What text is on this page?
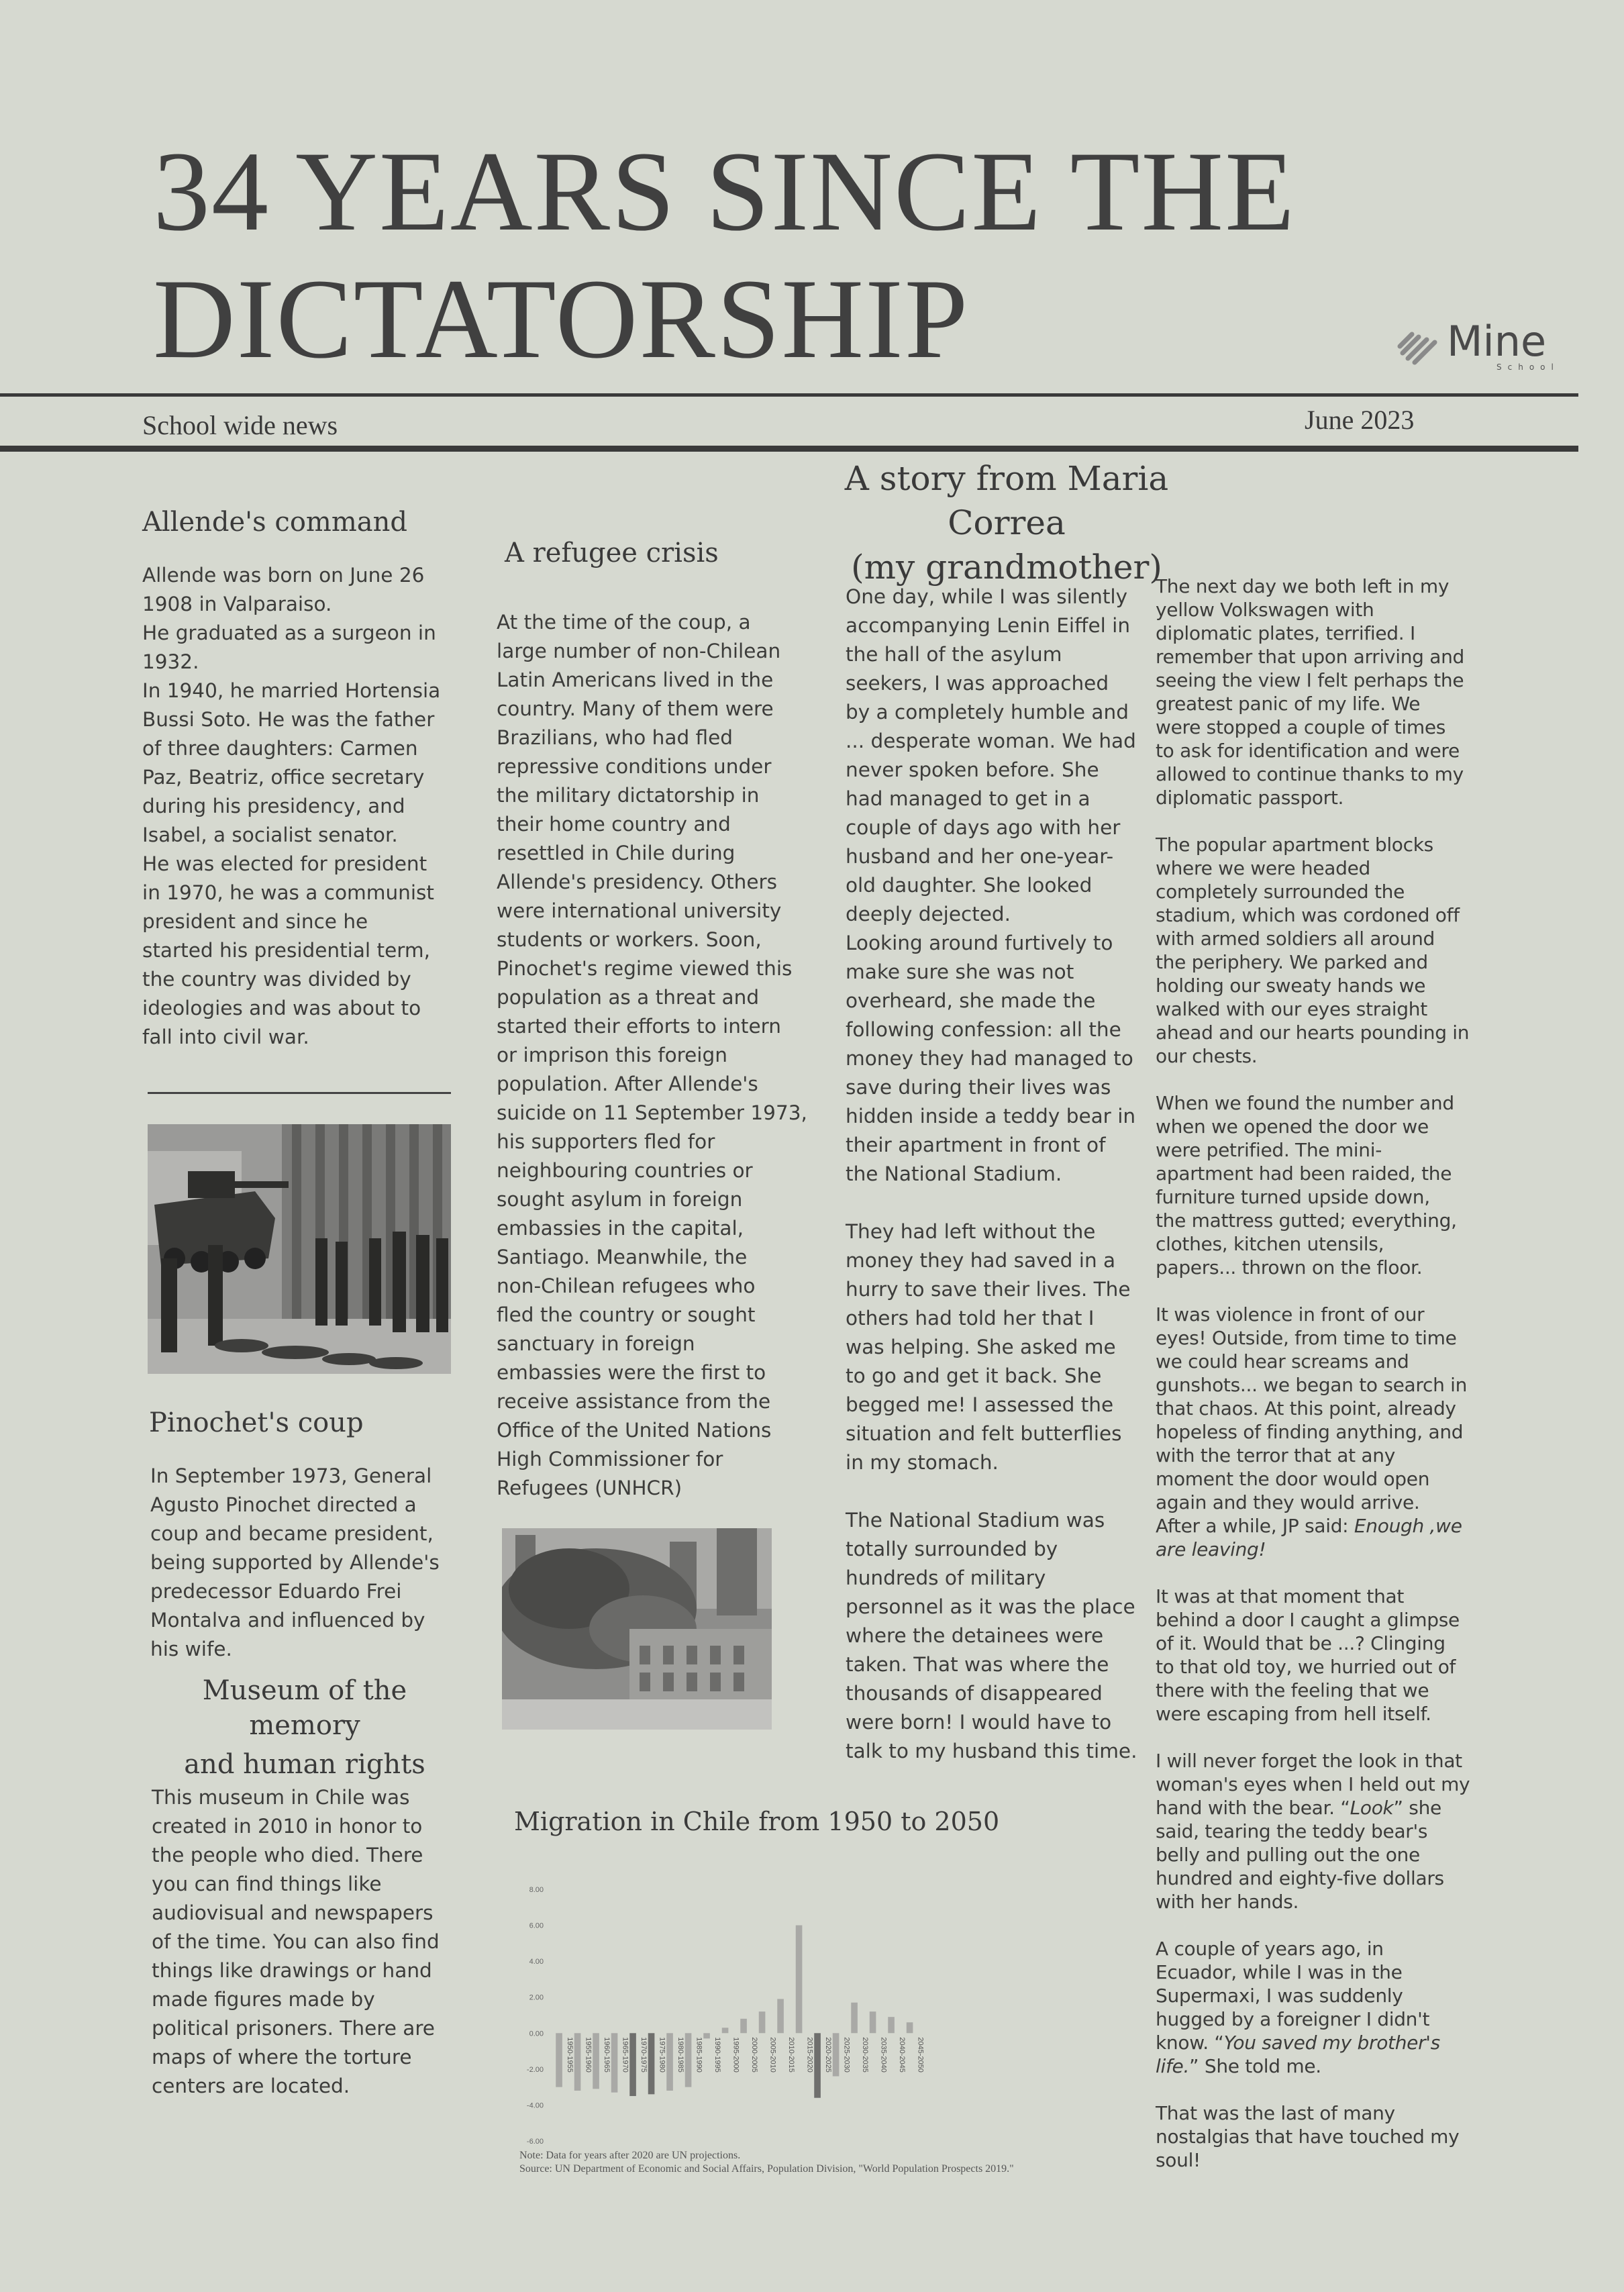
34 YEARS SINCE THE
DICTATORSHIP	Mine
School
School wide news	June 2023
Allende's command

Allende was born on June 26
1908 in Valparaiso.
He graduated as a surgeon in
1932.
In 1940, he married Hortensia
Bussi Soto. He was the father
of three daughters: Carmen
Paz, Beatriz, office secretary
during his presidency, and
Isabel, a socialist senator.
He was elected for president
in 1970, he was a communist
president and since he
started his presidential term,
the country was divided by
ideologies and was about to
fall into civil war.

Pinochet's coup

In September 1973, General
Agusto Pinochet directed a
coup and became president,
being supported by Allende's
predecessor Eduardo Frei
Montalva and influenced by
his wife.

Museum of the memory
and human rights

This museum in Chile was
created in 2010 in honor to
the people who died. There
you can find things like
audiovisual and newspapers
of the time. You can also find
things like drawings or hand
made figures made by
political prisoners. There are
maps of where the torture
centers are located.

A refugee crisis

At the time of the coup, a
large number of non-Chilean
Latin Americans lived in the
country. Many of them were
Brazilians, who had fled
repressive conditions under
the military dictatorship in
their home country and
resettled in Chile during
Allende's presidency. Others
were international university
students or workers. Soon,
Pinochet's regime viewed this
population as a threat and
started their efforts to intern
or imprison this foreign
population. After Allende's
suicide on 11 September 1973,
his supporters fled for
neighbouring countries or
sought asylum in foreign
embassies in the capital,
Santiago. Meanwhile, the
non-Chilean refugees who
fled the country or sought
sanctuary in foreign
embassies were the first to
receive assistance from the
Office of the United Nations
High Commissioner for
Refugees (UNHCR)

A story from Maria Correa
(my grandmother)

One day, while I was silently
accompanying Lenin Eiffel in
the hall of the asylum
seekers, I was approached
by a completely humble and
... desperate woman. We had
never spoken before. She
had managed to get in a
couple of days ago with her
husband and her one-year-
old daughter. She looked
deeply dejected.
Looking around furtively to
make sure she was not
overheard, she made the
following confession: all the
money they had managed to
save during their lives was
hidden inside a teddy bear in
their apartment in front of
the National Stadium.

They had left without the
money they had saved in a
hurry to save their lives. The
others had told her that I
was helping. She asked me
to go and get it back. She
begged me! I assessed the
situation and felt butterflies
in my stomach.

The National Stadium was
totally surrounded by
hundreds of military
personnel as it was the place
where the detainees were
taken. That was where the
thousands of disappeared
were born! I would have to
talk to my husband this time.

The next day we both left in my
yellow Volkswagen with
diplomatic plates, terrified. I
remember that upon arriving and
seeing the view I felt perhaps the
greatest panic of my life. We
were stopped a couple of times
to ask for identification and were
allowed to continue thanks to my
diplomatic passport.

The popular apartment blocks
where we were headed
completely surrounded the
stadium, which was cordoned off
with armed soldiers all around
the periphery. We parked and
holding our sweaty hands we
walked with our eyes straight
ahead and our hearts pounding in
our chests.

When we found the number and
when we opened the door we
were petrified. The mini-
apartment had been raided, the
furniture turned upside down,
the mattress gutted; everything,
clothes, kitchen utensils,
papers... thrown on the floor.

It was violence in front of our
eyes! Outside, from time to time
we could hear screams and
gunshots... we began to search in
that chaos. At this point, already
hopeless of finding anything, and
with the terror that at any
moment the door would open
again and they would arrive.
After a while, JP said: Enough ,we
are leaving!

It was at that moment that
behind a door I caught a glimpse
of it. Would that be ...? Clinging
to that old toy, we hurried out of
there with the feeling that we
were escaping from hell itself.

I will never forget the look in that
woman's eyes when I held out my
hand with the bear. “Look” she
said, tearing the teddy bear's
belly and pulling out the one
hundred and eighty-five dollars
with her hands.

A couple of years ago, in
Ecuador, while I was in the
Supermaxi, I was suddenly
hugged by a foreigner I didn't
know. “You saved my brother's
life.” She told me.

That was the last of many
nostalgias that have touched my
soul!

Migration in Chile from 1950 to 2050
8.00
6.00
4.00
2.00
0.00
-2.00
-4.00
-6.00
1950-1955 1955-1960 1960-1965 1965-1970 1970-1975 1975-1980 1980-1985 1985-1990 1990-1995 1995-2000 2000-2005 2005-2010 2010-2015 2015-2020 2020-2025 2025-2030 2030-2035 2035-2040 2040-2045 2045-2050
Note: Data for years after 2020 are UN projections.
Source: UN Department of Economic and Social Affairs, Population Division, "World Population Prospects 2019."
